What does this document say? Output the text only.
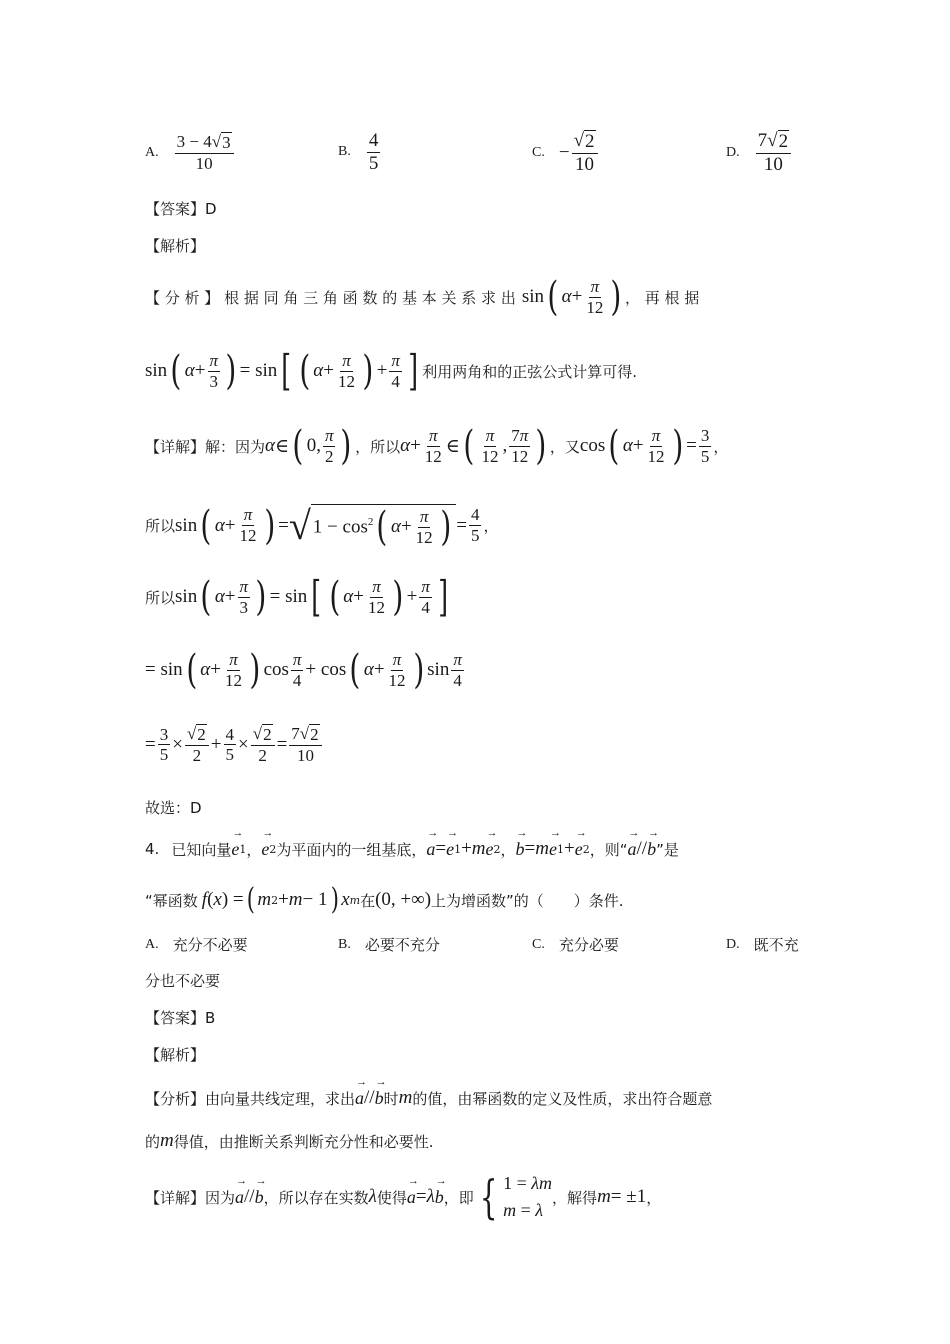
A. $\frac{3 - 4 √ 3}{10}$	B. $\frac{4}{5}$	C. − $\frac{√ 2}{10}$	D. $\frac{7 √ 2}{10}$
【答案】D
【解析】
【 分 析 】 根 据 同 角 三 角 函 数 的 基 本 关 系 求 出 sin ( $\alpha + \frac{\pi}{12}$ ) ， 再 根 据
sin ( $\alpha + \frac{\pi}{3}$ ) = sin [ ( $\alpha + \frac{\pi}{12}$ ) + $\frac{\pi}{4}$ ] 利用两角和的正弦公式计算可得.
【详解】解：因为 α ∈ ( 0, $\frac{\pi}{2}$ ) ，所以 $\alpha + \frac{\pi}{12}$ ∈ ( $\frac{\pi}{12}$ , $\frac{7\pi}{12}$ ) ，又 cos ( $\alpha + \frac{\pi}{12}$ ) = $\frac{3}{5}$ ，
所以 sin ( $\alpha + \frac{\pi}{12}$ ) = √ $1 - \cos^2$ ( $\alpha + \frac{\pi}{12}$ ) = $\frac{4}{5}$ ，
所以 sin ( $\alpha + \frac{\pi}{3}$ ) = sin [ ( $\alpha + \frac{\pi}{12}$ ) + $\frac{\pi}{4}$ ]
= sin ( $\alpha + \frac{\pi}{12}$ ) $\cos \frac{\pi}{4} + \cos$ ( $\alpha + \frac{\pi}{12}$ ) $\sin \frac{\pi}{4}$
= $\frac{3}{5} \times \frac{√ 2}{2} + \frac{4}{5} \times \frac{√ 2}{2} = \frac{7 √ 2}{10}$
故选：D
4. 已知向量 → e 1 ， → e 2 为平面内的一组基底， → a = → e 1 + m → e 2 ， → b = m → e 1 + → e 2 ，则“ → a // → b ”是
“幂函数 f ( x ) = ( m 2 + m − 1 ) x m 在 (0, +∞) 上为增函数”的（　　）条件.
A. 充分不必要	B. 必要不充分	C. 充分必要	D. 既不充
分也不必要
【答案】B
【解析】
【分析】由向量共线定理，求出 → a // → b 时 m 的值，由幂函数的定义及性质，求出符合题意
的 m 得值，由推断关系判断充分性和必要性.
【详解】因为 → a // → b ，所以存在实数 λ 使得 → a = λ → b ，即 { 1 = λm
m = λ
，解得 m = ±1 ，
